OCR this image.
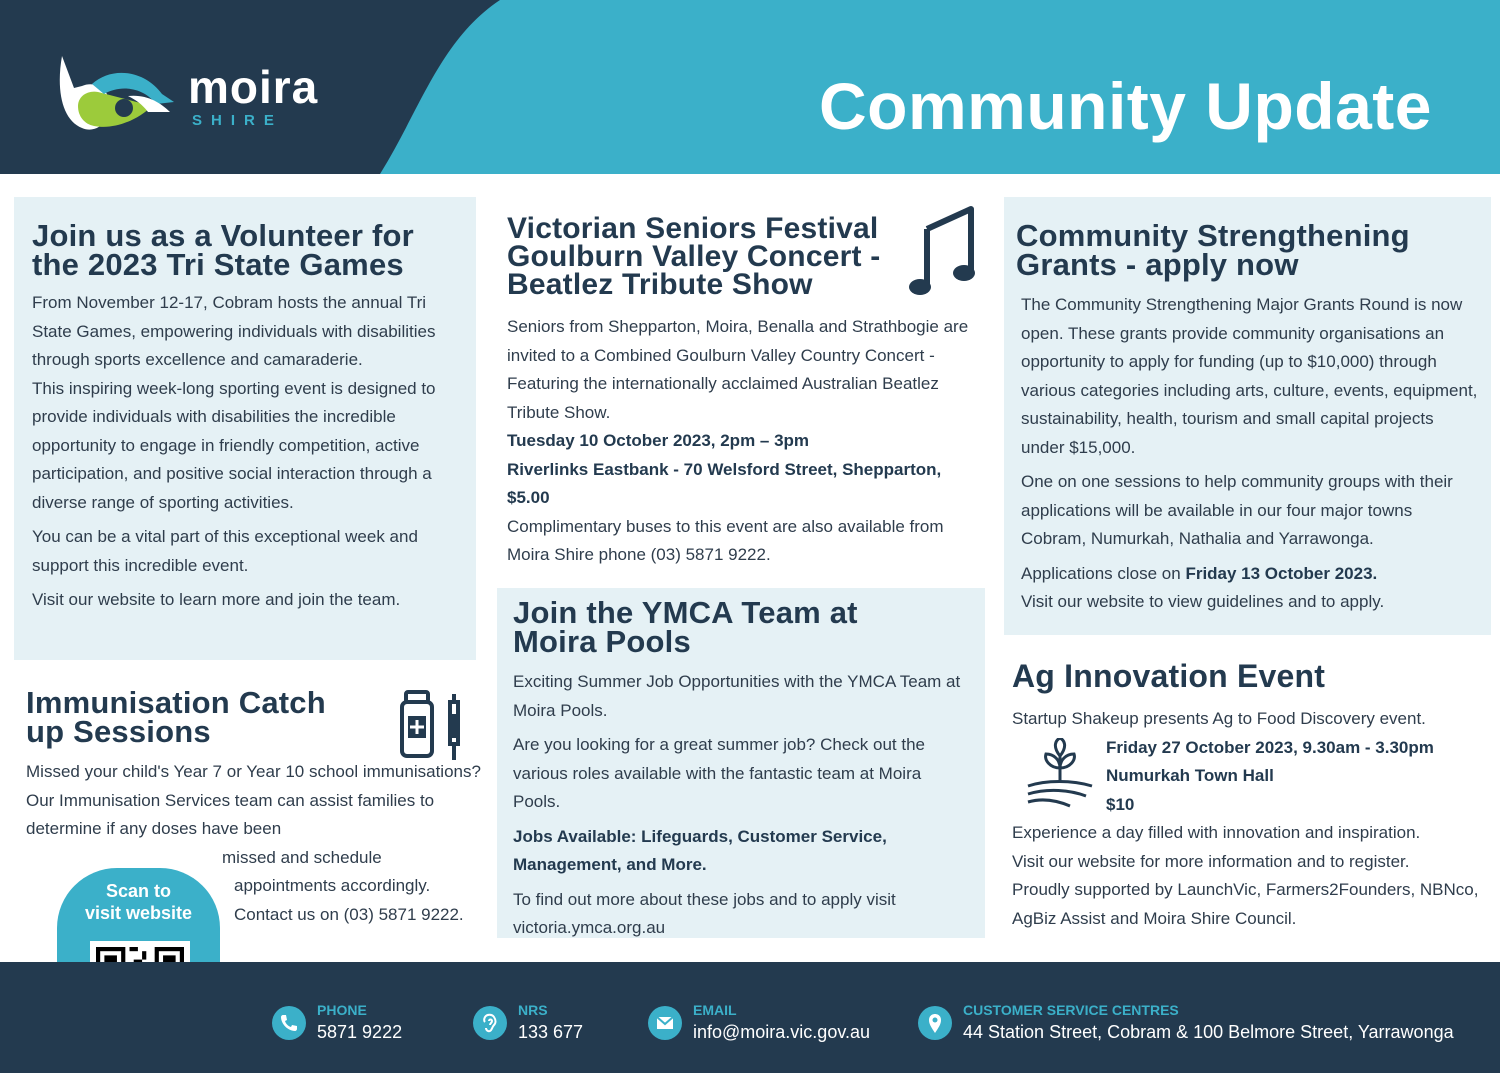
moira
SHIRE	Community Update
Join us as a Volunteer for
the 2023 Tri State Games

From November 12-17, Cobram hosts the annual Tri State Games, empowering individuals with disabilities through sports excellence and camaraderie.

This inspiring week-long sporting event is designed to provide individuals with disabilities the incredible opportunity to engage in friendly competition, active participation, and positive social interaction through a diverse range of sporting activities.

You can be a vital part of this exceptional week and support this incredible event.

Visit our website to learn more and join the team.

Immunisation Catch
up Sessions

Missed your child's Year 7 or Year 10 school immunisations? Our Immunisation Services team can assist families to determine if any doses have been

missed and schedule
appointments accordingly.
Contact us on (03) 5871 9222.
Scan to
visit website
Victorian Seniors Festival
Goulburn Valley Concert -
Beatlez Tribute Show

Seniors from Shepparton, Moira, Benalla and Strathbogie are invited to a Combined Goulburn Valley Country Concert - Featuring the internationally acclaimed Australian Beatlez Tribute Show.

Tuesday 10 October 2023, 2pm – 3pm
Riverlinks Eastbank - 70 Welsford Street, Shepparton,
$5.00

Complimentary buses to this event are also available from Moira Shire phone (03) 5871 9222.

Join the YMCA Team at
Moira Pools

Exciting Summer Job Opportunities with the YMCA Team at Moira Pools.

Are you looking for a great summer job? Check out the various roles available with the fantastic team at Moira Pools.

Jobs Available: Lifeguards, Customer Service, Management, and More.

To find out more about these jobs and to apply visit victoria.ymca.org.au

Community Strengthening
Grants - apply now

The Community Strengthening Major Grants Round is now open. These grants provide community organisations an opportunity to apply for funding (up to $10,000) through various categories including arts, culture, events, equipment, sustainability, health, tourism and small capital projects under $15,000.

One on one sessions to help community groups with their applications will be available in our four major towns Cobram, Numurkah, Nathalia and Yarrawonga.

Applications close on Friday 13 October 2023.
Visit our website to view guidelines and to apply.
Ag Innovation Event
Startup Shakeup presents Ag to Food Discovery event.
Friday 27 October 2023, 9.30am - 3.30pm
Numurkah Town Hall
$10
Experience a day filled with innovation and inspiration.
Visit our website for more information and to register.
Proudly supported by LaunchVic, Farmers2Founders, NBNco, AgBiz Assist and Moira Shire Council.
PHONE
5871 9222
NRS
133 677
EMAIL
info@moira.vic.gov.au
CUSTOMER SERVICE CENTRES
44 Station Street, Cobram & 100 Belmore Street, Yarrawonga
